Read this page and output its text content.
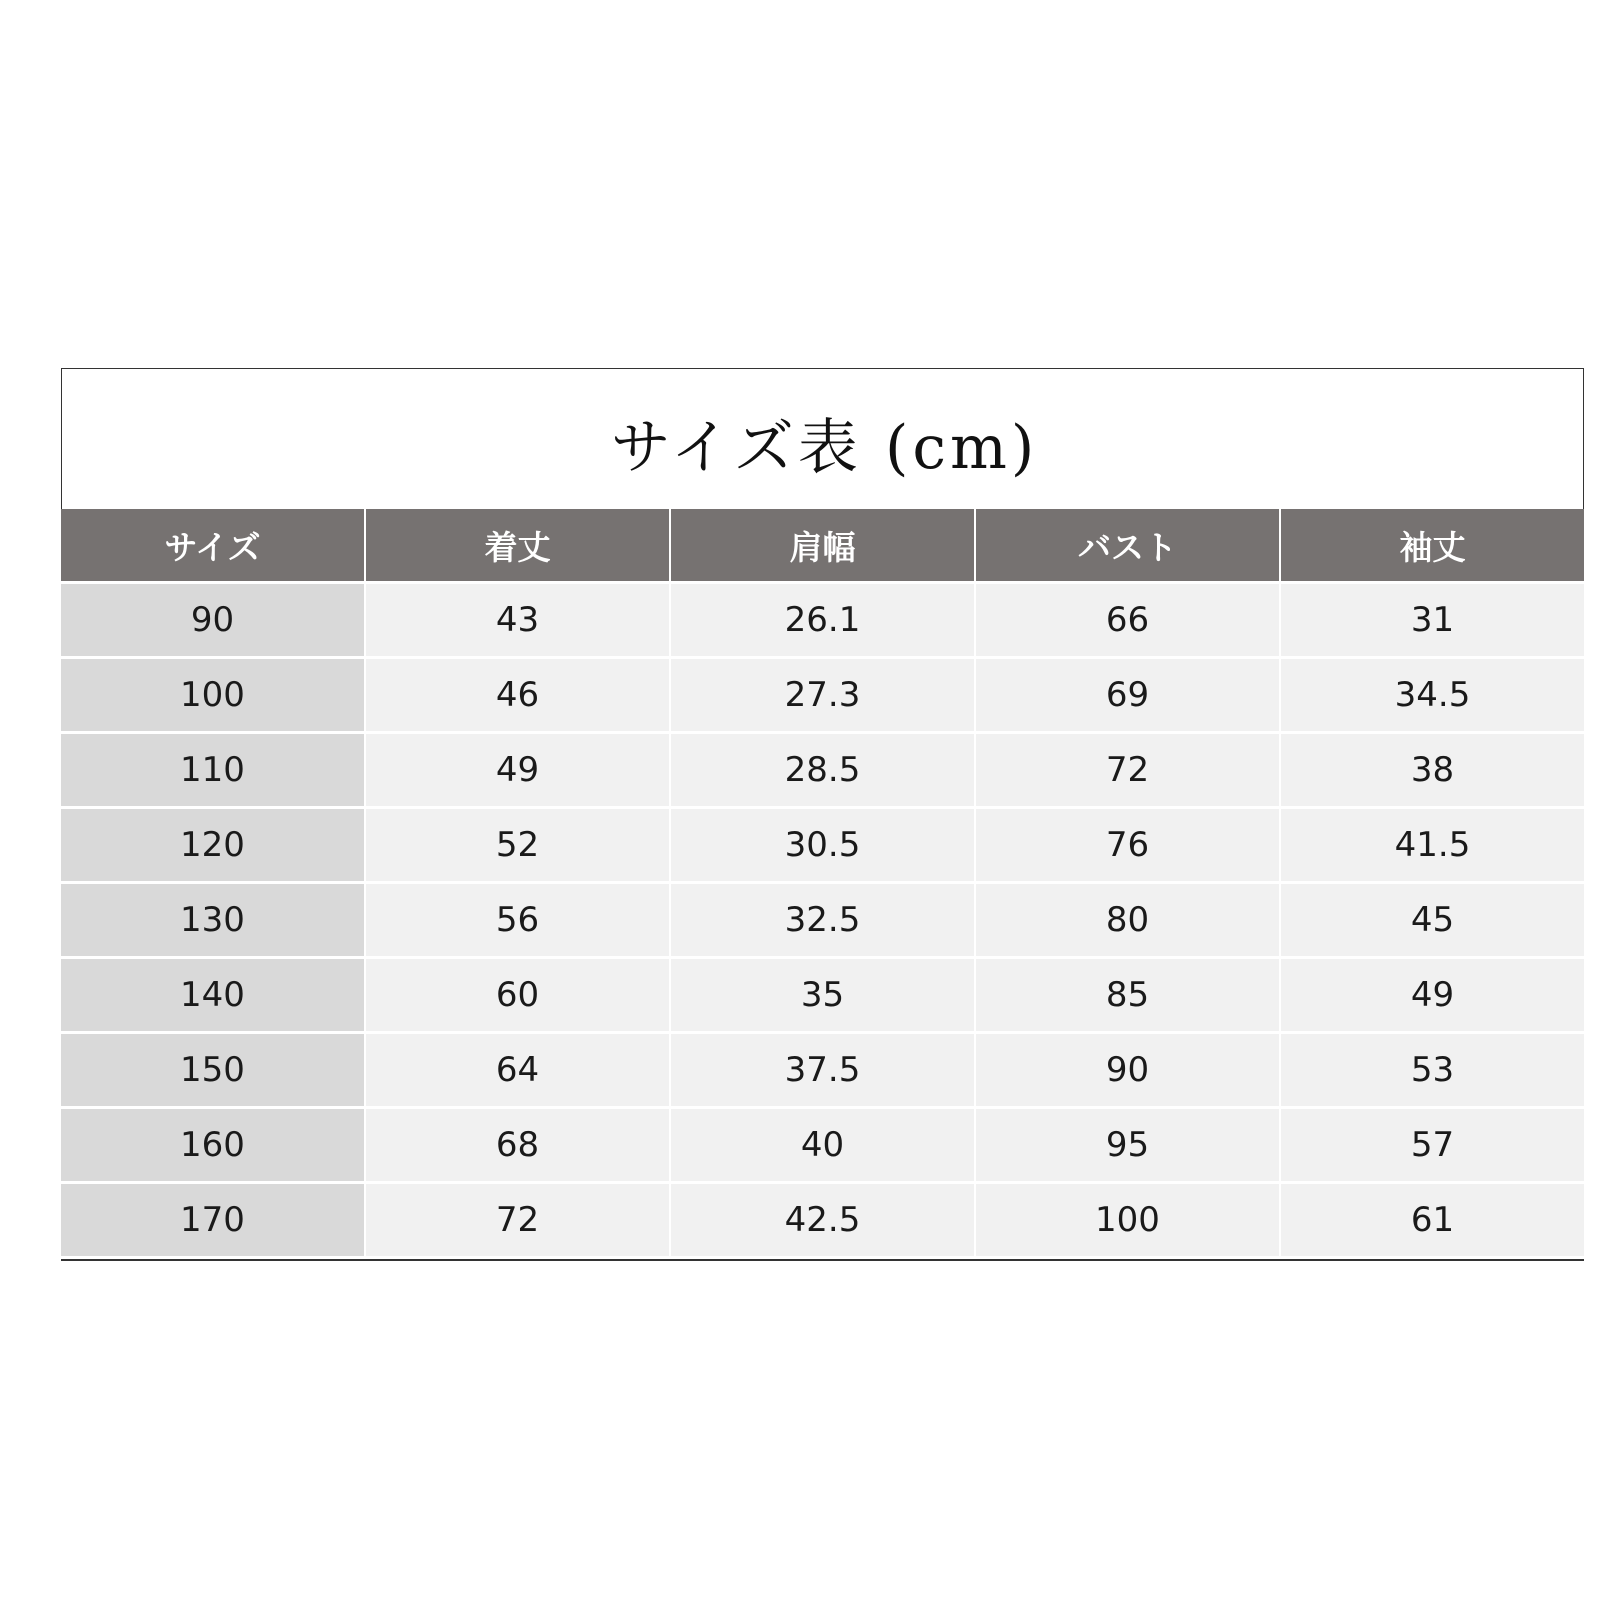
サイズ表 (cm)
サイズ	着丈	肩幅	バスト	袖丈
90	43	26.1	66	31
100	46	27.3	69	34.5
110	49	28.5	72	38
120	52	30.5	76	41.5
130	56	32.5	80	45
140	60	35	85	49
150	64	37.5	90	53
160	68	40	95	57
170	72	42.5	100	61
